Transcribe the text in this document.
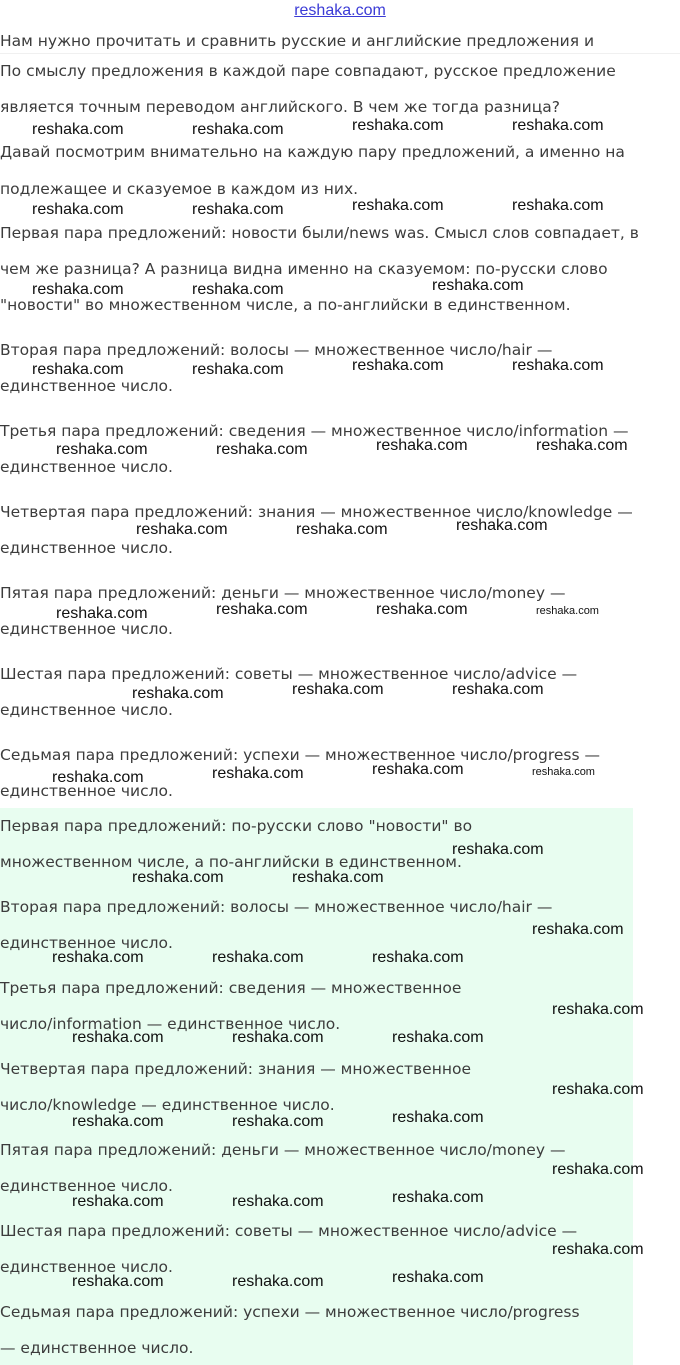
reshaka.com

Нам нужно прочитать и сравнить русские и английские предложения и

По смыслу предложения в каждой паре совпадают, русское предложение

является точным переводом английского. В чем же тогда разница?

Давай посмотрим внимательно на каждую пару предложений, а именно на

подлежащее и сказуемое в каждом из них.

Первая пара предложений: новости были/news was. Смысл слов совпадает, в

чем же разница? А разница видна именно на сказуемом: по-русски слово

"новости" во множественном числе, а по-английски в единственном.

Вторая пара предложений: волосы — множественное число/hair —

единственное число.

Третья пара предложений: сведения — множественное число/information —

единственное число.

Четвертая пара предложений: знания — множественное число/knowledge —

единственное число.

Пятая пара предложений: деньги — множественное число/money —

единственное число.

Шестая пара предложений: советы — множественное число/advice —

единственное число.

Седьмая пара предложений: успехи — множественное число/progress —

единственное число.

Первая пара предложений: по-русски слово "новости" во

множественном числе, а по-английски в единственном.

Вторая пара предложений: волосы — множественное число/hair —

единственное число.

Третья пара предложений: сведения — множественное

число/information — единственное число.

Четвертая пара предложений: знания — множественное

число/knowledge — единственное число.

Пятая пара предложений: деньги — множественное число/money —

единственное число.

Шестая пара предложений: советы — множественное число/advice —

единственное число.

Седьмая пара предложений: успехи — множественное число/progress

— единственное число.

reshaka.com	reshaka.com	reshaka.com	reshaka.com
reshaka.com	reshaka.com	reshaka.com	reshaka.com
reshaka.com	reshaka.com	reshaka.com
reshaka.com	reshaka.com	reshaka.com	reshaka.com
reshaka.com	reshaka.com	reshaka.com	reshaka.com
reshaka.com	reshaka.com	reshaka.com
reshaka.com	reshaka.com	reshaka.com	reshaka.com
reshaka.com	reshaka.com	reshaka.com
reshaka.com	reshaka.com	reshaka.com	reshaka.com
reshaka.com
reshaka.com	reshaka.com
reshaka.com
reshaka.com	reshaka.com	reshaka.com
reshaka.com
reshaka.com	reshaka.com	reshaka.com
reshaka.com
reshaka.com	reshaka.com	reshaka.com
reshaka.com
reshaka.com	reshaka.com	reshaka.com
reshaka.com
reshaka.com	reshaka.com	reshaka.com
